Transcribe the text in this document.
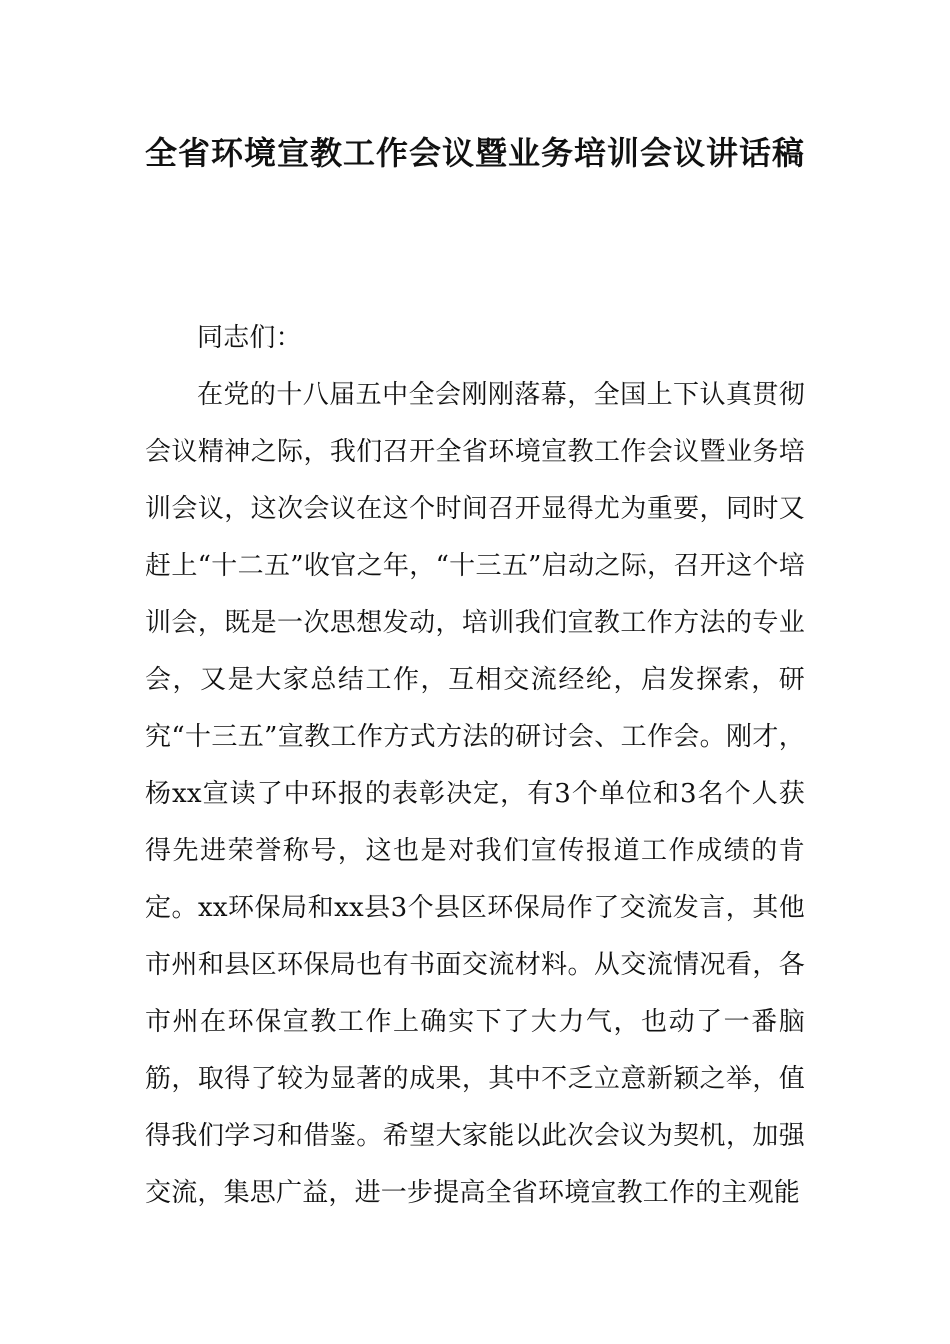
全省环境宣教工作会议暨业务培训会议讲话稿

同志们：

在党的十八届五中全会刚刚落幕，全国上下认真贯彻会议精神之际，我们召开全省环境宣教工作会议暨业务培训会议，这次会议在这个时间召开显得尤为重要，同时又赶上“十二五”收官之年，“十三五”启动之际，召开这个培训会，既是一次思想发动，培训我们宣教工作方法的专业会，又是大家总结工作，互相交流经纶，启发探索，研究“十三五”宣教工作方式方法的研讨会、工作会。刚才，杨xx宣读了中环报的表彰决定，有3个单位和3名个人获得先进荣誉称号，这也是对我们宣传报道工作成绩的肯定。xx环保局和xx县3个县区环保局作了交流发言，其他市州和县区环保局也有书面交流材料。从交流情况看，各市州在环保宣教工作上确实下了大力气，也动了一番脑筋，取得了较为显著的成果，其中不乏立意新颖之举，值得我们学习和借鉴。希望大家能以此次会议为契机，加强交流，集思广益，进一步提高全省环境宣教工作的主观能
